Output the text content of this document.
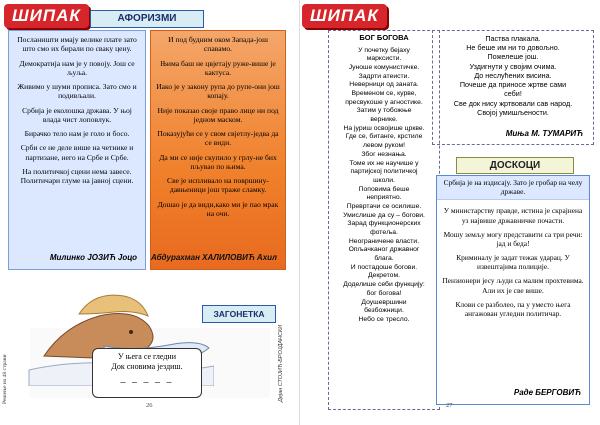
ШИПАК	АФОРИЗМИ

Посланишти имају велике плате зато што смо их бирали по сваку цену.

Демократија нам је у повоју. Још се љуља.

Живимо у шуми прописа. Зато смо и подивљали.

Србија је еколошка држава. У њој влада чист лоповлук.

Бирачко тело нам је голо и босо.

Срби се не деле више на четнике и партизане, него на Србе и Србе.

На политичкој сцени нема завесе. Политичари глуме на јавној сцени.

Милинко ЈОЗИЋ Јоцо

И под будним оком Запада-још спавамо.

Њима баш не цвјетају руже-више је кактуса.

Иако је у закону рупа до рупе-они још копају.

Није показао своје право лице ни под једном маском.

Показујући се у свом свјетлу-једва да се види.

Да ми се није скупило у грлу-не бих пљувао по њима.

Све је испливало на површину-давњеници још траже сламку.

Дошао је да види,како ми је пао мрак на очи.

Абдурахман ХАЛИЛОВИЋ Ахил
ЗАГОНЕТКА
У њега се гледни
Док сновима јездиш.
_ _ _ _ _	Дејан СТОЈИЋ-БРОЈДАНСКИ
Решење на 48 страни
26
ШИПАК
БОГ БОГОВА
У почетку бејаху
марксисти.
Јуноше комунистичке.
Задрти атеисти.
Неверници од заната.
Временом се, курве,
пресвукоше у агностике.
Затим у тобожње
вернике.
На јуриш освојише цркве.
Где се, битанге, крстиле
левом руком!
Због незнања.
Томе их не научише у
партијској политичкој
школи.
Поповима беше
неприятно.
Превртачи се осилише.
Умислише да су – богови.
Зарад функционерских
фотеља.
Неограничене власти.
Опљачканог државног
блага.
И постадоше богови.
Декретом.
Доделише себи функцију:
бог богова!
Доушевршини
безбожници.
Небо се тресло.
Паства плакала.
Не беше им ни то довољно.
Пожелеше још.
Уздигнути у својим очима.
До неслућених висина.
Почеше да приносе жртве сами
себи!
Све док нису жртвовали сав народ.
Својој умишљености.
Миња М. ТУМАРИЋ
ДОСКОЦИ
Србија је на издисају. Зато је гробар на челу државе.
У министарству правде, истина је скрајнена уз највише државничке почасти.
Мошу земљу могу представити са три речи: јад и беда!
Криминалу је задат тежак ударац. У извештајима полиције.
Пензионери јесу људи са малим прохтевима. Али их је све више.
Клови се разболео, па у уместо њега ангажован угледни политичар.
Раде БЕРГОВИЋ
27
